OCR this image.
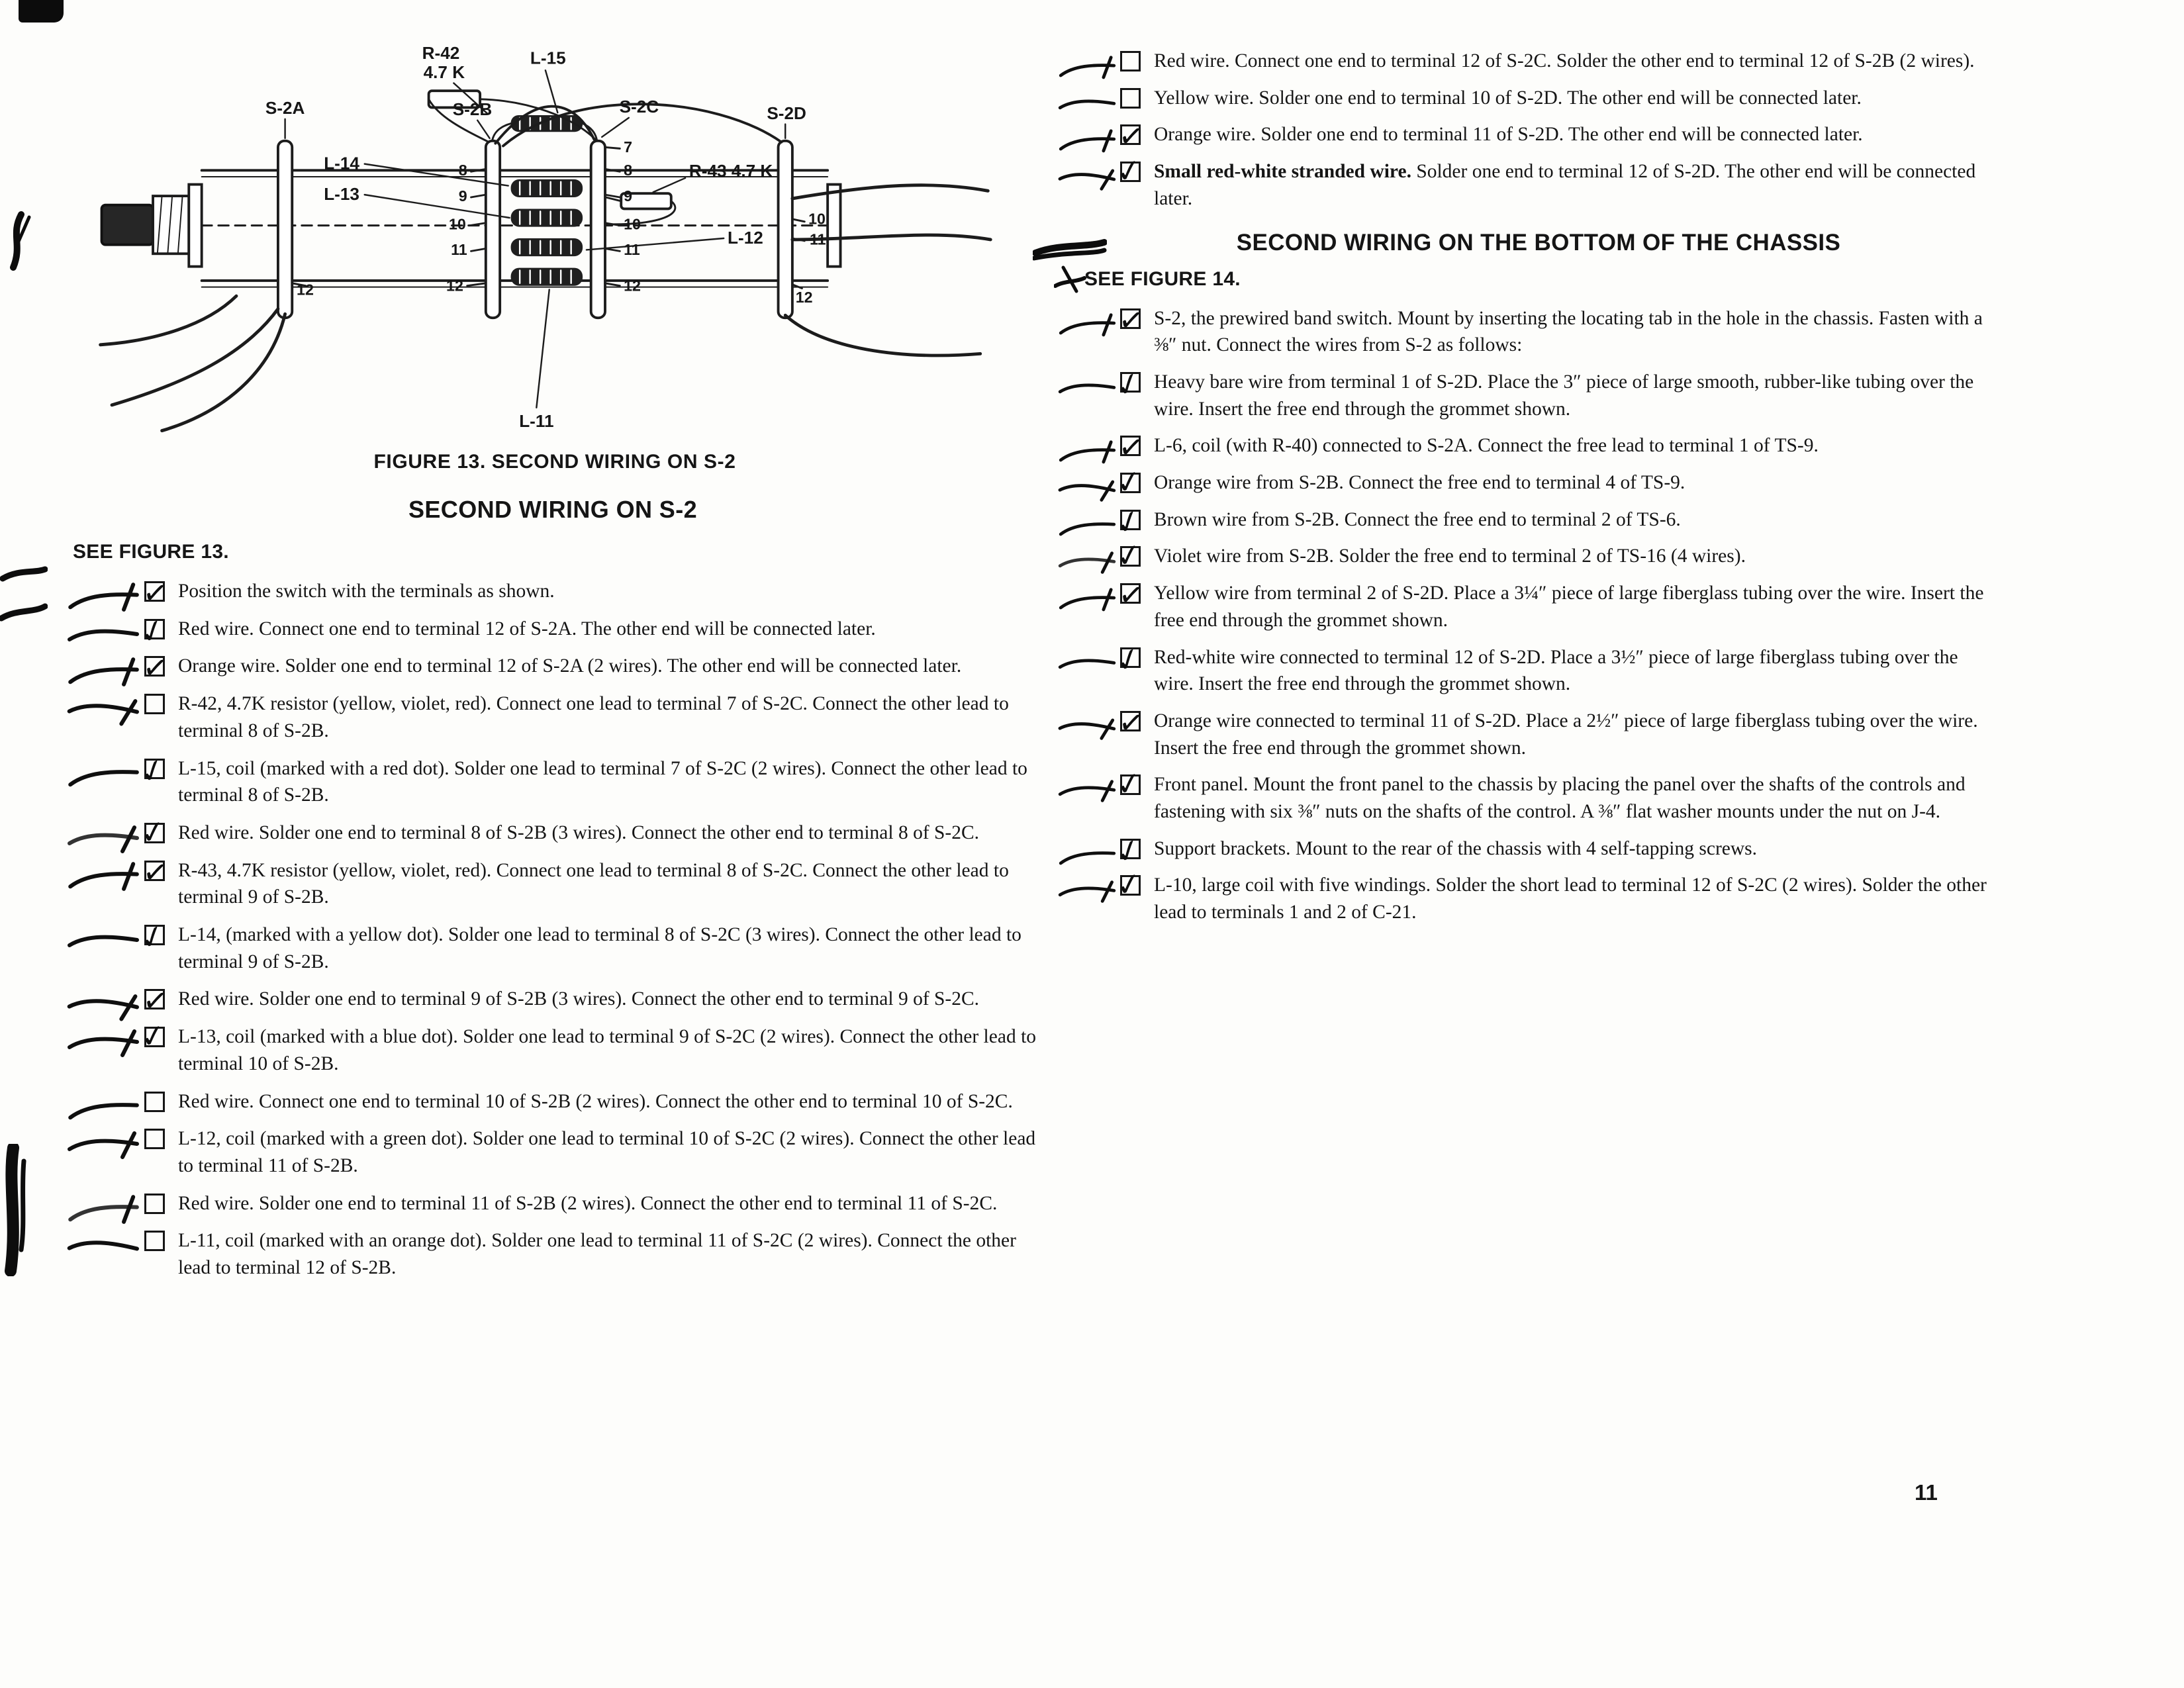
R-42
4.7 K
L-15
S-2A	S-2B	S-2C	S-2D
L-14
L-13
R-43 4.7 K
L-12
L-11
8
9
10
11
12
7
8
9
10
11
12
10
11
12
12
FIGURE 13. SECOND WIRING ON S-2
SECOND WIRING ON S-2
SEE FIGURE 13.
✓ Position the switch with the terminals as shown.
✓ Red wire. Connect one end to terminal 12 of S-2A. The other end will be connected later.
✓ Orange wire. Solder one end to terminal 12 of S-2A (2 wires). The other end will be connected later.
R-42, 4.7K resistor (yellow, violet, red). Connect one lead to terminal 7 of S-2C. Connect the other lead to terminal 8 of S-2B.
✓ L-15, coil (marked with a red dot). Solder one lead to terminal 7 of S-2C (2 wires). Connect the other lead to terminal 8 of S-2B.
✓ Red wire. Solder one end to terminal 8 of S-2B (3 wires). Connect the other end to terminal 8 of S-2C.
✓ R-43, 4.7K resistor (yellow, violet, red). Connect one lead to terminal 8 of S-2C. Connect the other lead to terminal 9 of S-2B.
✓ L-14, (marked with a yellow dot). Solder one lead to terminal 8 of S-2C (3 wires). Connect the other lead to terminal 9 of S-2B.
✓ Red wire. Solder one end to terminal 9 of S-2B (3 wires). Connect the other end to terminal 9 of S-2C.
✓ L-13, coil (marked with a blue dot). Solder one lead to terminal 9 of S-2C (2 wires). Connect the other lead to terminal 10 of S-2B.
Red wire. Connect one end to terminal 10 of S-2B (2 wires). Connect the other end to terminal 10 of S-2C.
L-12, coil (marked with a green dot). Solder one lead to terminal 10 of S-2C (2 wires). Connect the other lead to terminal 11 of S-2B.
Red wire. Solder one end to terminal 11 of S-2B (2 wires). Connect the other end to terminal 11 of S-2C.
L-11, coil (marked with an orange dot). Solder one lead to terminal 11 of S-2C (2 wires). Connect the other lead to terminal 12 of S-2B.
Red wire. Connect one end to terminal 12 of S-2C. Solder the other end to terminal 12 of S-2B (2 wires).
Yellow wire. Solder one end to terminal 10 of S-2D. The other end will be connected later.
✓ Orange wire. Solder one end to terminal 11 of S-2D. The other end will be connected later.
✓ Small red-white stranded wire. Solder one end to terminal 12 of S-2D. The other end will be connected later.
SECOND WIRING ON THE BOTTOM OF THE CHASSIS
SEE FIGURE 14.
✓ S-2, the prewired band switch. Mount by inserting the locating tab in the hole in the chassis. Fasten with a ⅜″ nut. Connect the wires from S-2 as follows:
✓ Heavy bare wire from terminal 1 of S-2D. Place the 3″ piece of large smooth, rubber-like tubing over the wire. Insert the free end through the grommet shown.
✓ L-6, coil (with R-40) connected to S-2A. Connect the free lead to terminal 1 of TS-9.
✓ Orange wire from S-2B. Connect the free end to terminal 4 of TS-9.
✓ Brown wire from S-2B. Connect the free end to terminal 2 of TS-6.
✓ Violet wire from S-2B. Solder the free end to terminal 2 of TS-16 (4 wires).
✓ Yellow wire from terminal 2 of S-2D. Place a 3¼″ piece of large fiberglass tubing over the wire. Insert the free end through the grommet shown.
✓ Red-white wire connected to terminal 12 of S-2D. Place a 3½″ piece of large fiberglass tubing over the wire. Insert the free end through the grommet shown.
✓ Orange wire connected to terminal 11 of S-2D. Place a 2½″ piece of large fiberglass tubing over the wire. Insert the free end through the grommet shown.
✓ Front panel. Mount the front panel to the chassis by placing the panel over the shafts of the controls and fastening with six ⅜″ nuts on the shafts of the control. A ⅜″ flat washer mounts under the nut on J-4.
✓ Support brackets. Mount to the rear of the chassis with 4 self-tapping screws.
✓ L-10, large coil with five windings. Solder the short lead to terminal 12 of S-2C (2 wires). Solder the other lead to terminals 1 and 2 of C-21.
11
